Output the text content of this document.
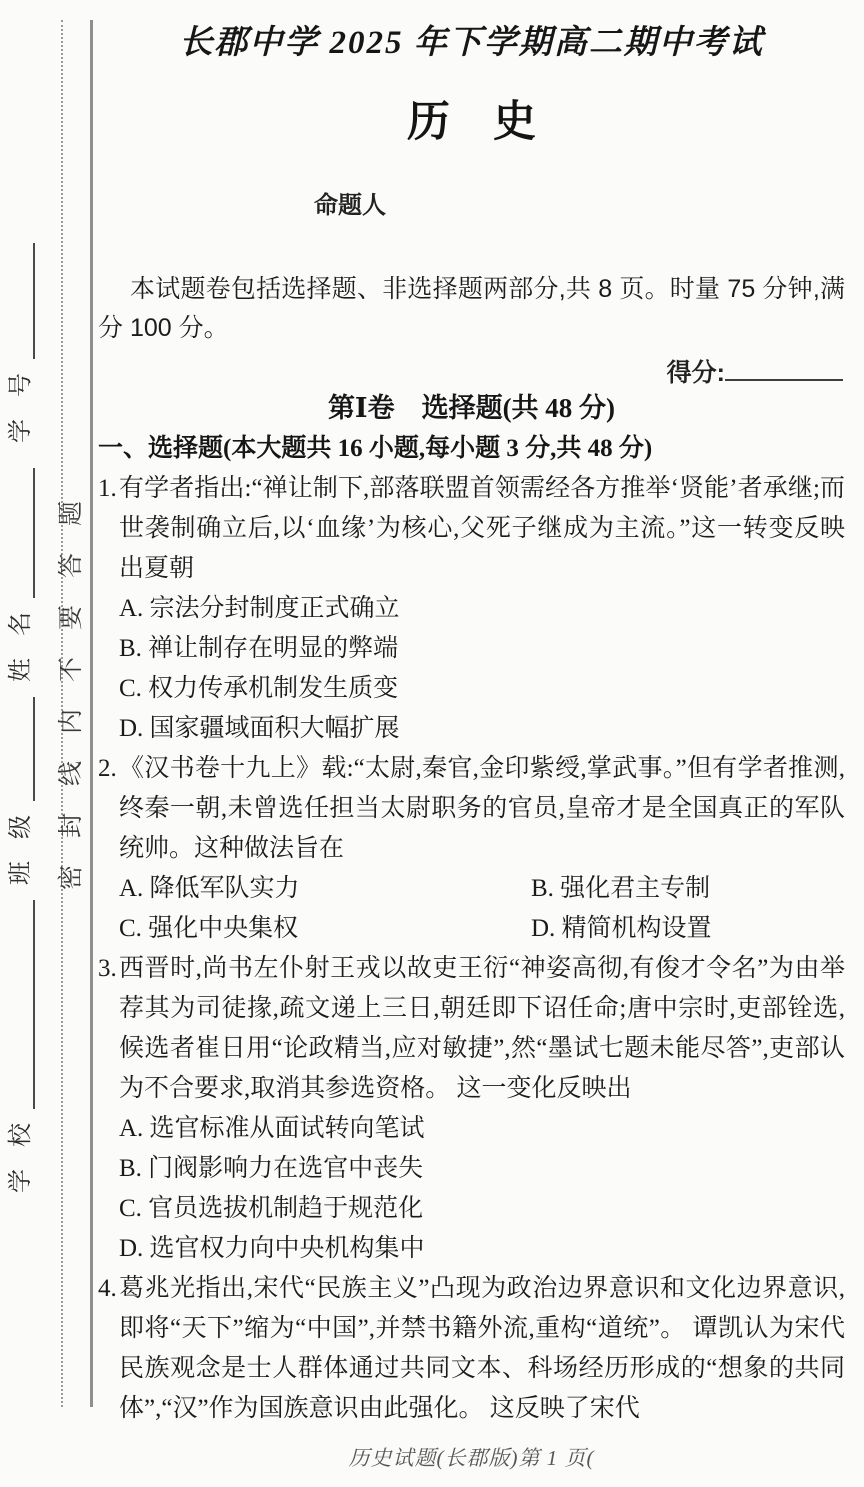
学 号
姓 名
班 级
学 校
密封线内不要答题
长郡中学 2025 年下学期高二期中考试
历　史
命题人

本试题卷包括选择题、非选择题两部分,共 8 页。时量 75 分钟,满分 100 分。

得分:
第Ⅰ卷　选择题(共 48 分)
一、选择题(本大题共 16 小题,每小题 3 分,共 48 分)
1. 有学者指出:“禅让制下,部落联盟首领需经各方推举‘贤能’者承继;而世袭制确立后,以‘血缘’为核心,父死子继成为主流。”这一转变反映出夏朝
A. 宗法分封制度正式确立
B. 禅让制存在明显的弊端
C. 权力传承机制发生质变
D. 国家疆域面积大幅扩展
2. 《汉书卷十九上》载:“太尉,秦官,金印紫绶,掌武事。”但有学者推测,终秦一朝,未曾选任担当太尉职务的官员,皇帝才是全国真正的军队统帅。这种做法旨在
A. 降低军队实力	B. 强化君主专制
C. 强化中央集权	D. 精简机构设置
3. 西晋时,尚书左仆射王戎以故吏王衍“神姿高彻,有俊才令名”为由举荐其为司徒掾,疏文递上三日,朝廷即下诏任命;唐中宗时,吏部铨选,候选者崔日用“论政精当,应对敏捷”,然“墨试七题未能尽答”,吏部认为不合要求,取消其参选资格。 这一变化反映出
A. 选官标准从面试转向笔试
B. 门阀影响力在选官中丧失
C. 官员选拔机制趋于规范化
D. 选官权力向中央机构集中
4. 葛兆光指出,宋代“民族主义”凸现为政治边界意识和文化边界意识,即将“天下”缩为“中国”,并禁书籍外流,重构“道统”。 谭凯认为宋代民族观念是士人群体通过共同文本、科场经历形成的“想象的共同体”,“汉”作为国族意识由此强化。 这反映了宋代
历史试题(长郡版)第 1 页(
